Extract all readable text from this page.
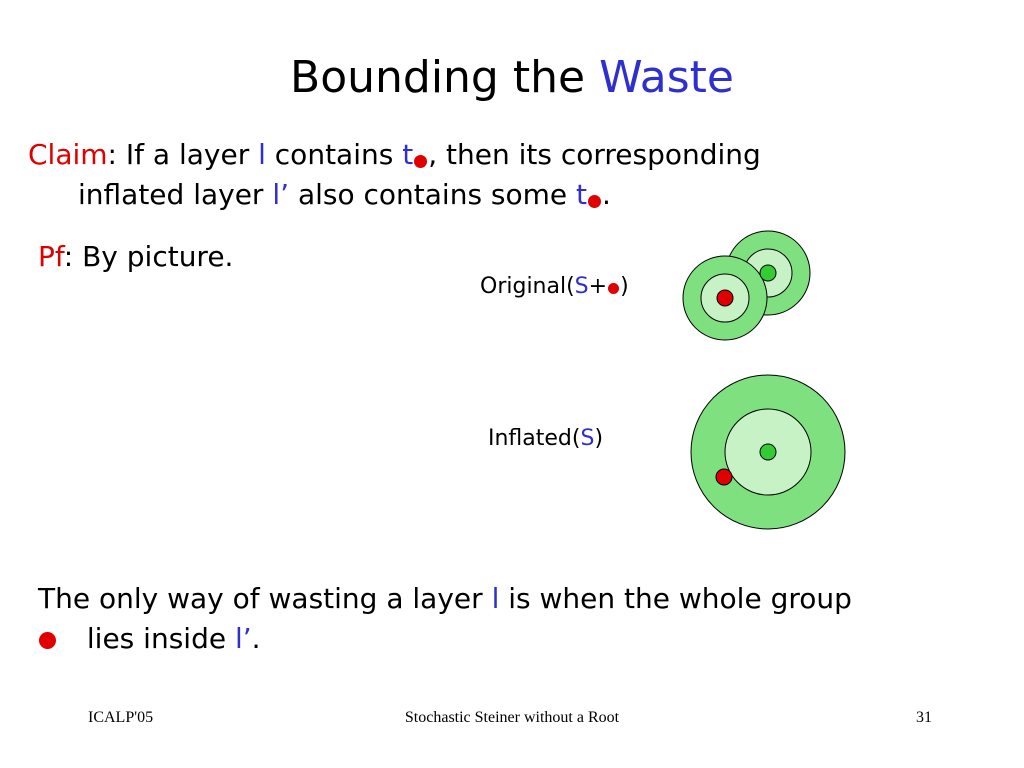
Bounding the Waste
Claim: If a layer l contains t , then its corresponding
inflated layer l’ also contains some t .
Pf: By picture.
Original(S+ )
Inflated(S)
The only way of wasting a layer l is when the whole group
lies inside l’.
ICALP'05	Stochastic Steiner without a Root	31
